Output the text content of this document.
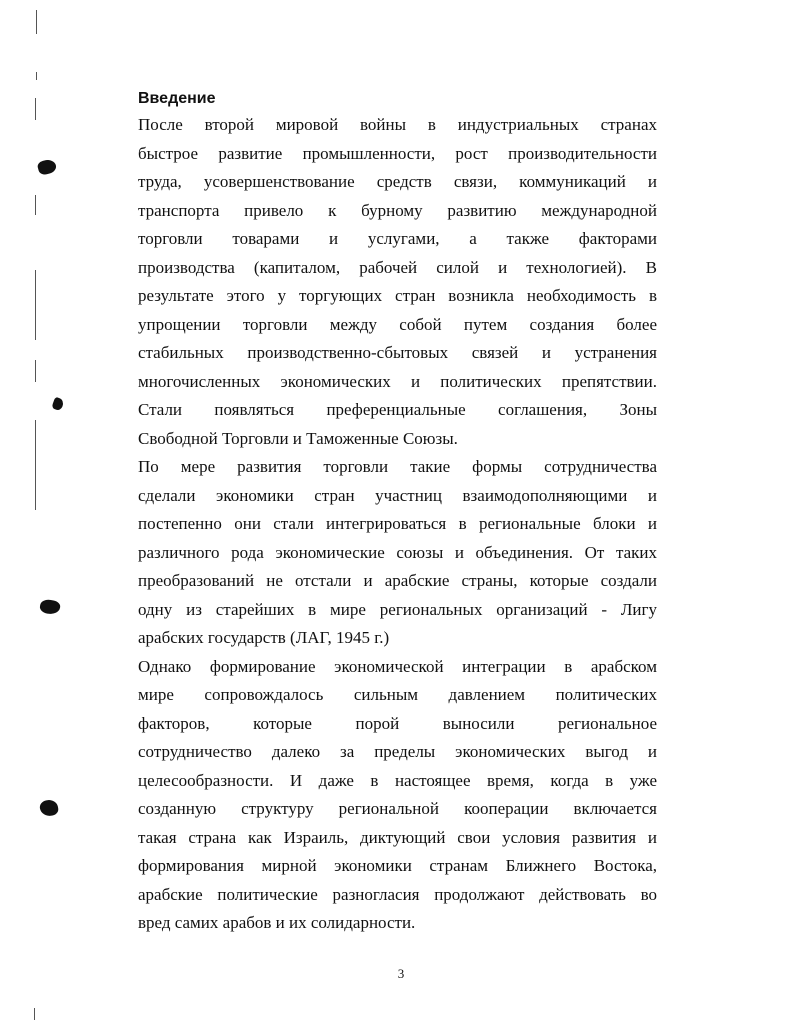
Введение

После второй мировой войны в индустриальных странах

быстрое развитие промышленности, рост производительности

труда, усовершенствование средств связи, коммуникаций и

транспорта привело к бурному развитию международной

торговли товарами и услугами, а также факторами

производства (капиталом, рабочей силой и технологией). В

результате этого у торгующих стран возникла необходимость в

упрощении торговли между собой путем создания более

стабильных производственно-сбытовых связей и устранения

многочисленных экономических и политических препятствии.

Стали появляться преференциальные соглашения, Зоны

Свободной Торговли и Таможенные Союзы.

По мере развития торговли такие формы сотрудничества

сделали экономики стран участниц взаимодополняющими и

постепенно они стали интегрироваться в региональные блоки и

различного рода экономические союзы и объединения. От таких

преобразований не отстали и арабские страны, которые создали

одну из старейших в мире региональных организаций - Лигу

арабских государств (ЛАГ, 1945 г.)

Однако формирование экономической интеграции в арабском

мире сопровождалось сильным давлением политических

факторов, которые порой выносили региональное

сотрудничество далеко за пределы экономических выгод и

целесообразности. И даже в настоящее время, когда в уже

созданную структуру региональной кооперации включается

такая страна как Израиль, диктующий свои условия развития и

формирования мирной экономики странам Ближнего Востока,

арабские политические разногласия продолжают действовать во

вред самих арабов и их солидарности.

3
